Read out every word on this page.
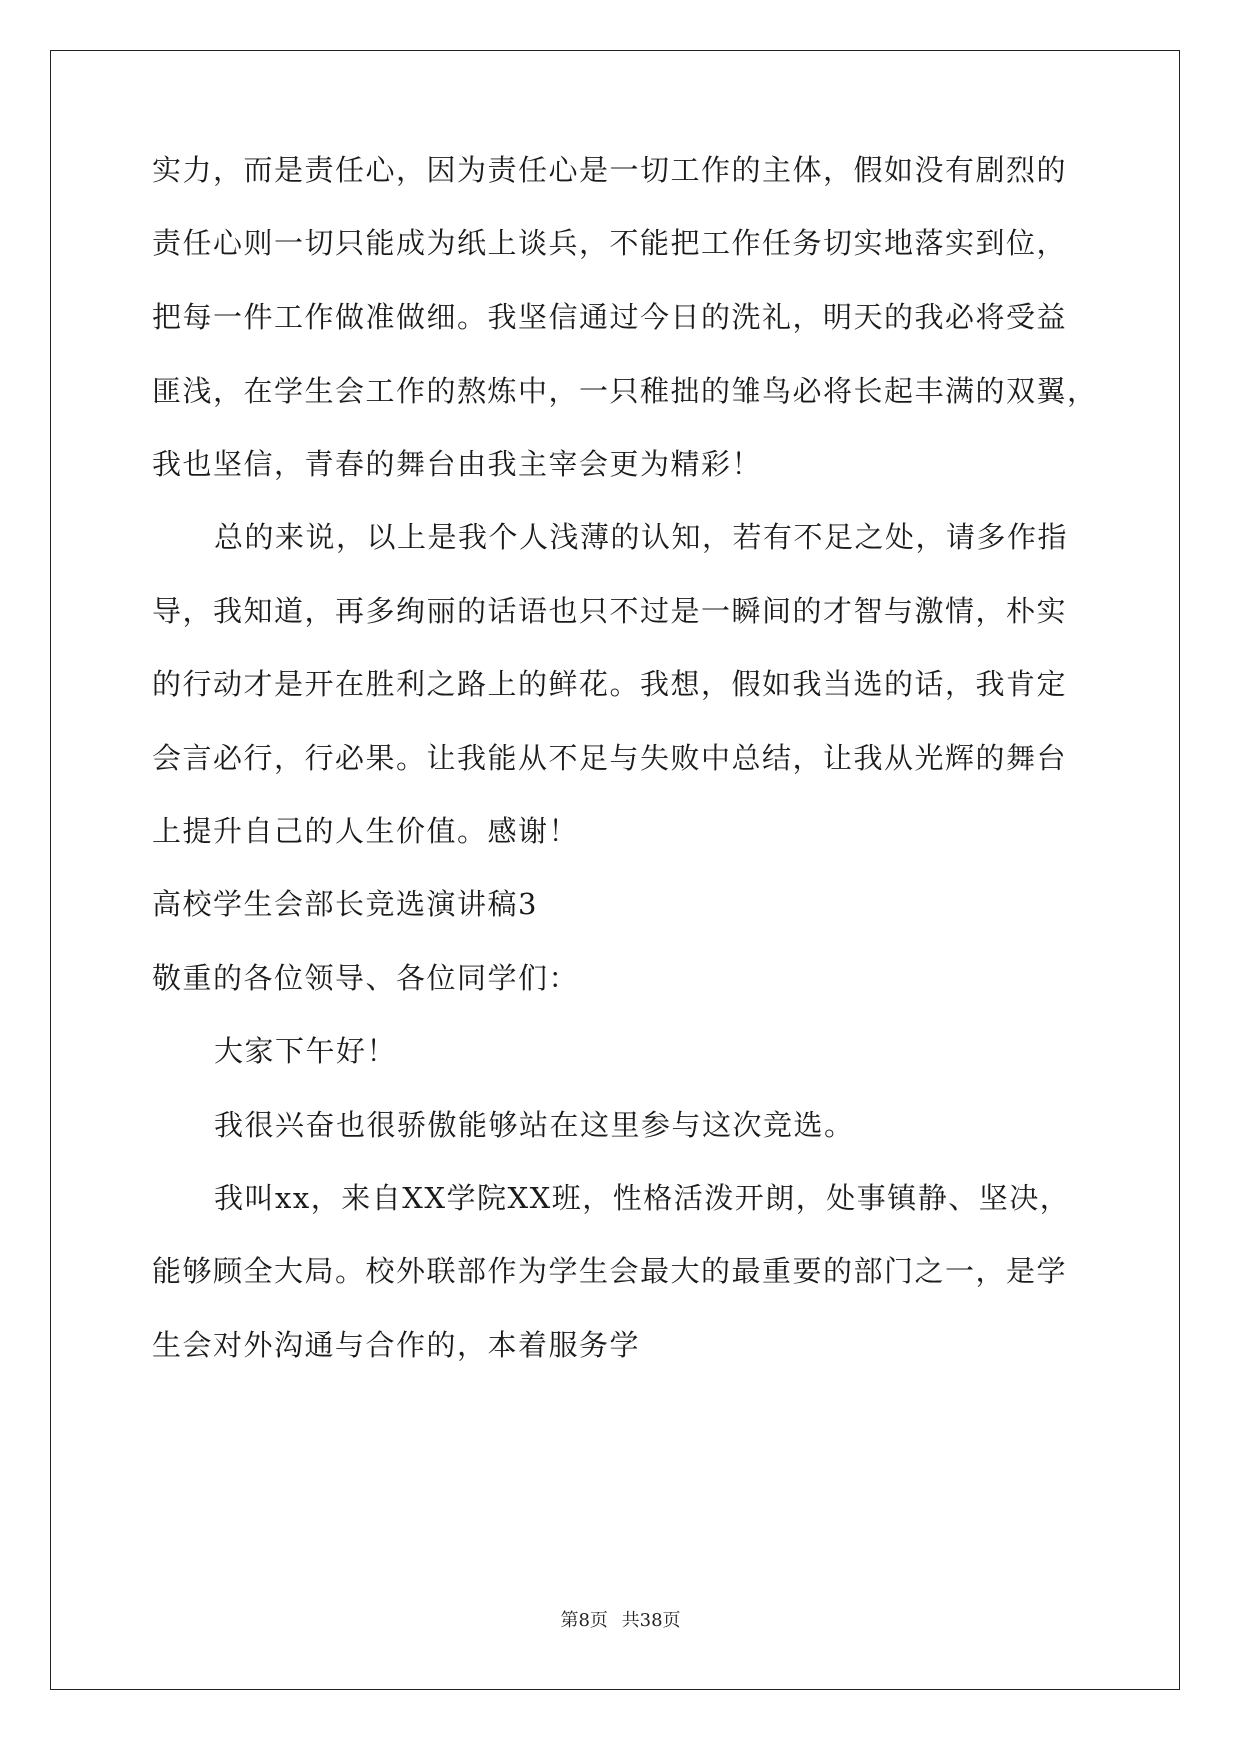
实力，而是责任心，因为责任心是一切工作的主体，假如没有剧烈的
责任心则一切只能成为纸上谈兵，不能把工作任务切实地落实到位，
把每一件工作做准做细。我坚信通过今日的洗礼，明天的我必将受益
匪浅，在学生会工作的熬炼中，一只稚拙的雏鸟必将长起丰满的双翼，
我也坚信，青春的舞台由我主宰会更为精彩！
总的来说，以上是我个人浅薄的认知，若有不足之处，请多作指
导，我知道，再多绚丽的话语也只不过是一瞬间的才智与激情，朴实
的行动才是开在胜利之路上的鲜花。我想，假如我当选的话，我肯定
会言必行，行必果。让我能从不足与失败中总结，让我从光辉的舞台
上提升自己的人生价值。感谢！
高校学生会部长竞选演讲稿3
敬重的各位领导、各位同学们：
大家下午好！
我很兴奋也很骄傲能够站在这里参与这次竞选。
我叫xx，来自XX学院XX班，性格活泼开朗，处事镇静、坚决，
能够顾全大局。校外联部作为学生会最大的最重要的部门之一，是学
生会对外沟通与合作的，本着服务学
第8页 共38页
